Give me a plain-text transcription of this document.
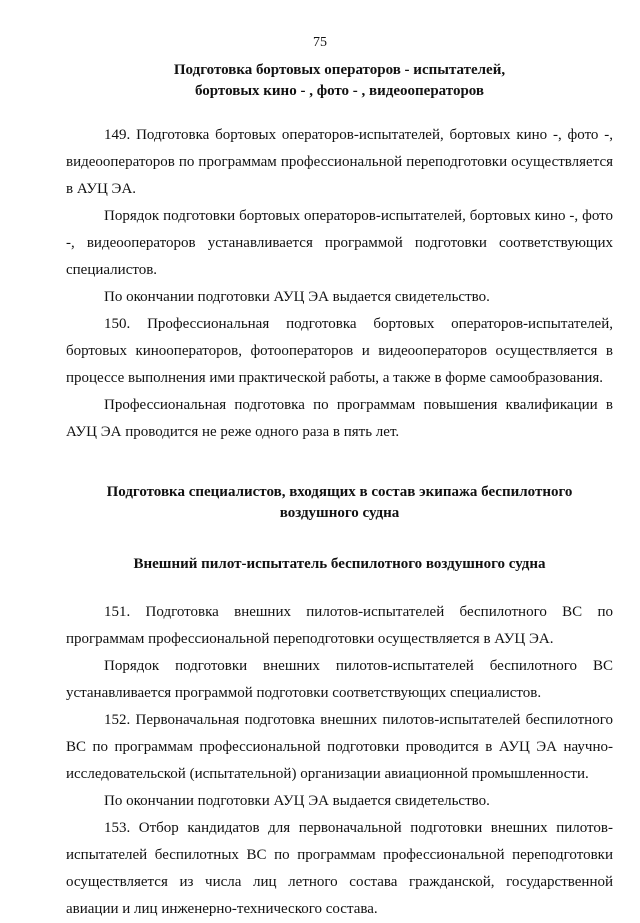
75
Подготовка бортовых операторов - испытателей,
бортовых кино - , фото - , видеооператоров

149. Подготовка бортовых операторов-испытателей, бортовых кино -, фото -, видеооператоров по программам профессиональной переподготовки осуществляется в АУЦ ЭА.

Порядок подготовки бортовых операторов-испытателей, бортовых кино -, фото -, видеооператоров устанавливается программой подготовки соответствующих специалистов.

По окончании подготовки АУЦ ЭА выдается свидетельство.

150. Профессиональная подготовка бортовых операторов-испытателей, бортовых кинооператоров, фотооператоров и видеооператоров осуществляется в процессе выполнения ими практической работы, а также в форме самообразования.

Профессиональная подготовка по программам повышения квалификации в АУЦ ЭА проводится не реже одного раза в пять лет.

Подготовка специалистов, входящих в состав экипажа беспилотного
воздушного судна
Внешний пилот-испытатель беспилотного воздушного судна

151. Подготовка внешних пилотов-испытателей беспилотного ВС по программам профессиональной переподготовки осуществляется в АУЦ ЭА.

Порядок подготовки внешних пилотов-испытателей беспилотного ВС устанавливается программой подготовки соответствующих специалистов.

152. Первоначальная подготовка внешних пилотов-испытателей беспилотного ВС по программам профессиональной подготовки проводится в АУЦ ЭА научно-исследовательской (испытательной) организации авиационной промышленности.

По окончании подготовки АУЦ ЭА выдается свидетельство.

153. Отбор кандидатов для первоначальной подготовки внешних пилотов-испытателей беспилотных ВС по программам профессиональной переподготовки осуществляется из числа лиц летного состава гражданской, государственной авиации и лиц инженерно-технического состава.
